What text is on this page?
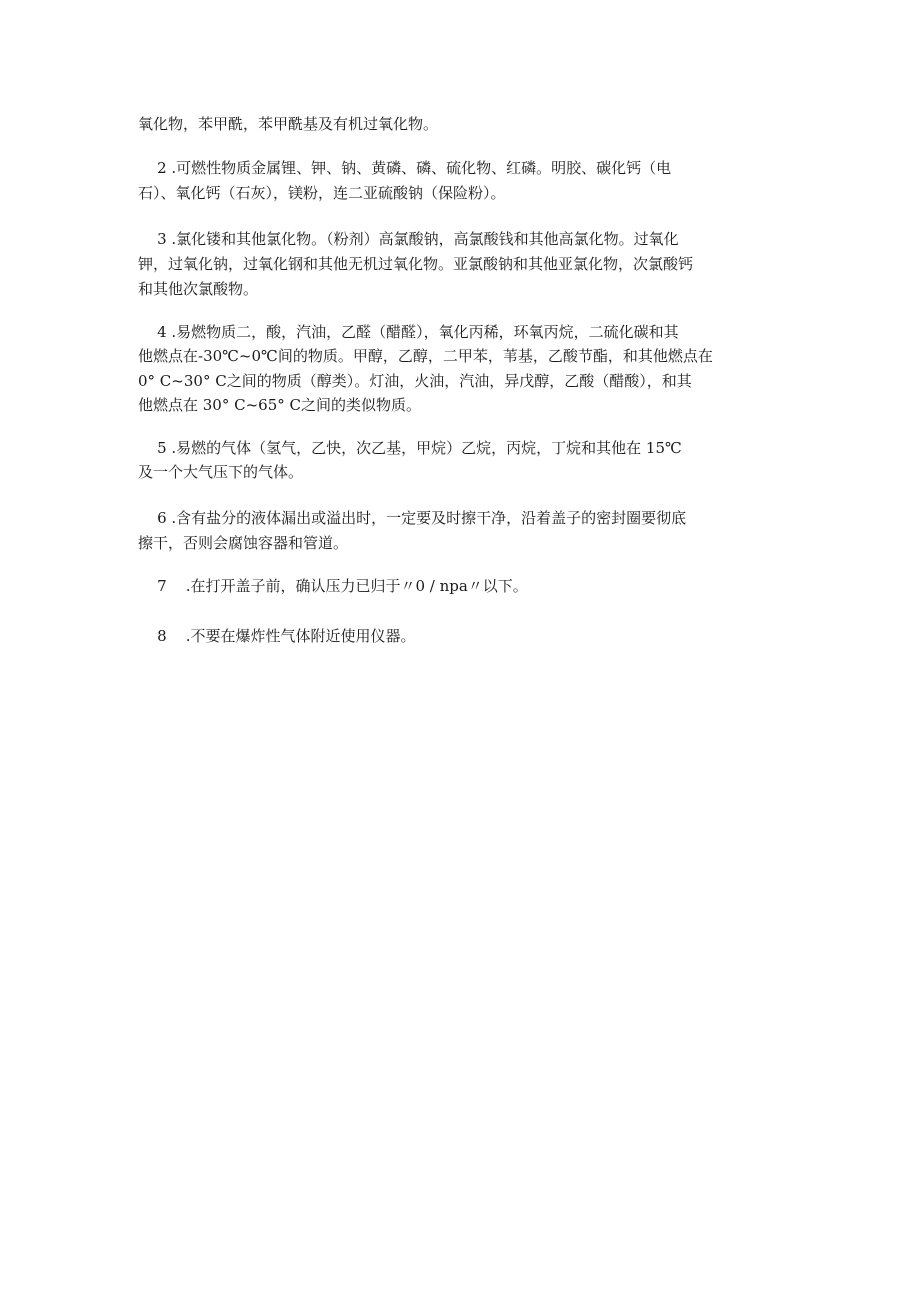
氧化物，苯甲酰，苯甲酰基及有机过氧化物。
2 .可燃性物质金属锂、钾、钠、黄磷、磷、硫化物、红磷。明胶、碳化钙（电
石）、氧化钙（石灰），镁粉，连二亚硫酸钠（保险粉）。
3 .氯化镂和其他氯化物。（粉剂）高氯酸钠，高氯酸钱和其他高氯化物。过氧化
钾，过氧化钠，过氧化钢和其他无机过氧化物。亚氯酸钠和其他亚氯化物，次氯酸钙
和其他次氯酸物。
4 .易燃物质二，酸，汽油，乙醛（醋醛），氧化丙稀，环氧丙烷，二硫化碳和其
他燃点在-30℃~0℃间的物质。甲醇，乙醇，二甲苯，苇基，乙酸节酯，和其他燃点在
0° C~30° C之间的物质（醇类）。灯油，火油，汽油，异戊醇，乙酸（醋酸），和其
他燃点在 30° C~65° C之间的类似物质。
5 .易燃的气体（氢气，乙快，次乙基，甲烷）乙烷，丙烷，丁烷和其他在 15℃
及一个大气压下的气体。
6 .含有盐分的液体漏出或溢出时，一定要及时擦干净，沿着盖子的密封圈要彻底
擦干，否则会腐蚀容器和管道。
7    .在打开盖子前，确认压力已归于〃0 / npa〃以下。
8    .不要在爆炸性气体附近使用仪器。
